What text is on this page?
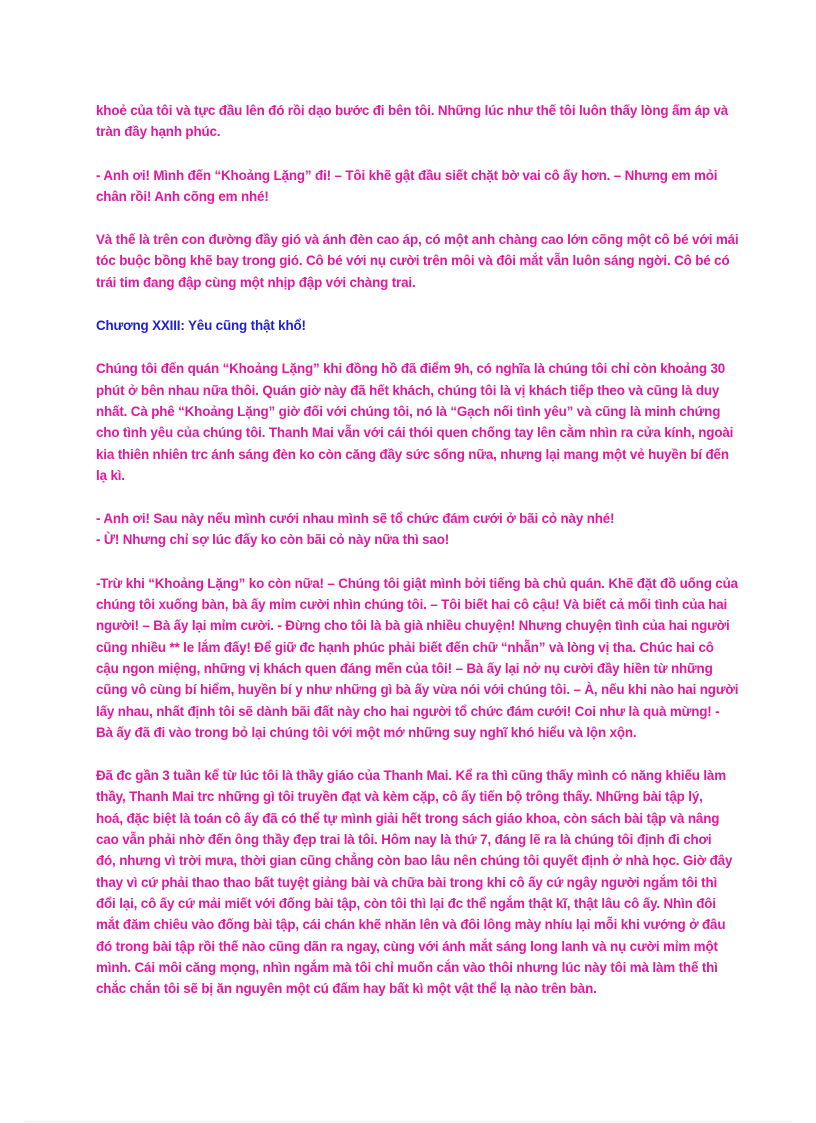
khoẻ của tôi và tực đầu lên đó rồi dạo bước đi bên tôi. Những lúc như thế tôi luôn thấy lòng ấm áp và
tràn đầy hạnh phúc.
- Anh ơi! Mình đến “Khoảng Lặng” đi! – Tôi khẽ gật đầu siết chặt bờ vai cô ấy hơn. – Nhưng em mỏi
chân rồi! Anh cõng em nhé!
Và thế là trên con đường đầy gió và ánh đèn cao áp, có một anh chàng cao lớn cõng một cô bé với mái
tóc buộc bồng khẽ bay trong gió. Cô bé với nụ cười trên môi và đôi mắt vẫn luôn sáng ngời. Cô bé có
trái tim đang đập cùng một nhịp đập với chàng trai.
Chương XXIII: Yêu cũng thật khổ!
Chúng tôi đến quán “Khoảng Lặng” khi đồng hồ đã điểm 9h, có nghĩa là chúng tôi chỉ còn khoảng 30
phút ở bên nhau nữa thôi. Quán giờ này đã hết khách, chúng tôi là vị khách tiếp theo và cũng là duy
nhất. Cà phê “Khoảng Lặng” giờ đối với chúng tôi, nó là “Gạch nối tình yêu” và cũng là minh chứng
cho tình yêu của chúng tôi. Thanh Mai vẫn với cái thói quen chống tay lên cằm nhìn ra cửa kính, ngoài
kia thiên nhiên trc ánh sáng đèn ko còn căng đầy sức sống nữa, nhưng lại mang một vẻ huyền bí đến
lạ kì.
- Anh ơi! Sau này nếu mình cưới nhau mình sẽ tổ chức đám cưới ở bãi cỏ này nhé!
- Ừ! Nhưng chỉ sợ lúc đấy ko còn bãi cỏ này nữa thì sao!
-Trừ khi “Khoảng Lặng” ko còn nữa! – Chúng tôi giật mình bởi tiếng bà chủ quán. Khẽ đặt đồ uống của
chúng tôi xuống bàn, bà ấy mỉm cười nhìn chúng tôi. – Tôi biết hai cô cậu! Và biết cả mối tình của hai
người! – Bà ấy lại mỉm cười. - Đừng cho tôi là bà già nhiều chuyện! Nhưng chuyện tình của hai người
cũng nhiều ** le lắm đấy! Để giữ đc hạnh phúc phải biết đến chữ “nhẫn” và lòng vị tha. Chúc hai cô
cậu ngon miệng, những vị khách quen đáng mến của tôi! – Bà ấy lại nở nụ cười đầy hiền từ những
cũng vô cùng bí hiểm, huyền bí y như những gì bà ấy vừa nói với chúng tôi. – À, nếu khi nào hai người
lấy nhau, nhất định tôi sẽ dành bãi đất này cho hai người tổ chức đám cưới! Coi như là quà mừng! -
Bà ấy đã đi vào trong bỏ lại chúng tôi với một mớ những suy nghĩ khó hiểu và lộn xộn.
Đã đc gần 3 tuần kể từ lúc tôi là thầy giáo của Thanh Mai. Kể ra thì cũng thấy mình có năng khiếu làm
thầy, Thanh Mai trc những gì tôi truyền đạt và kèm cặp, cô ấy tiến bộ trông thấy. Những bài tập lý,
hoá, đặc biệt là toán cô ấy đã có thể tự mình giải hết trong sách giáo khoa, còn sách bài tập và nâng
cao vẫn phải nhờ đến ông thầy đẹp trai là tôi. Hôm nay là thứ 7, đáng lẽ ra là chúng tôi định đi chơi
đó, nhưng vì trời mưa, thời gian cũng chẳng còn bao lâu nên chúng tôi quyết định ở nhà học. Giờ đây
thay vì cứ phải thao thao bất tuyệt giảng bài và chữa bài trong khi cô ấy cứ ngây người ngắm tôi thì
đổi lại, cô ấy cứ mải miết với đống bài tập, còn tôi thì lại đc thể ngắm thật kĩ, thật lâu cô ấy. Nhìn đôi
mắt đăm chiêu vào đống bài tập, cái chán khẽ nhăn lên và đôi lông mày nhíu lại mỗi khi vướng ở đâu
đó trong bài tập rồi thế nào cũng dãn ra ngay, cùng với ánh mắt sáng long lanh và nụ cười mỉm một
mình. Cái môi căng mọng, nhìn ngắm mà tôi chỉ muốn cắn vào thôi nhưng lúc này tôi mà làm thế thì
chắc chắn tôi sẽ bị ăn nguyên một cú đấm hay bất kì một vật thể lạ nào trên bàn.
